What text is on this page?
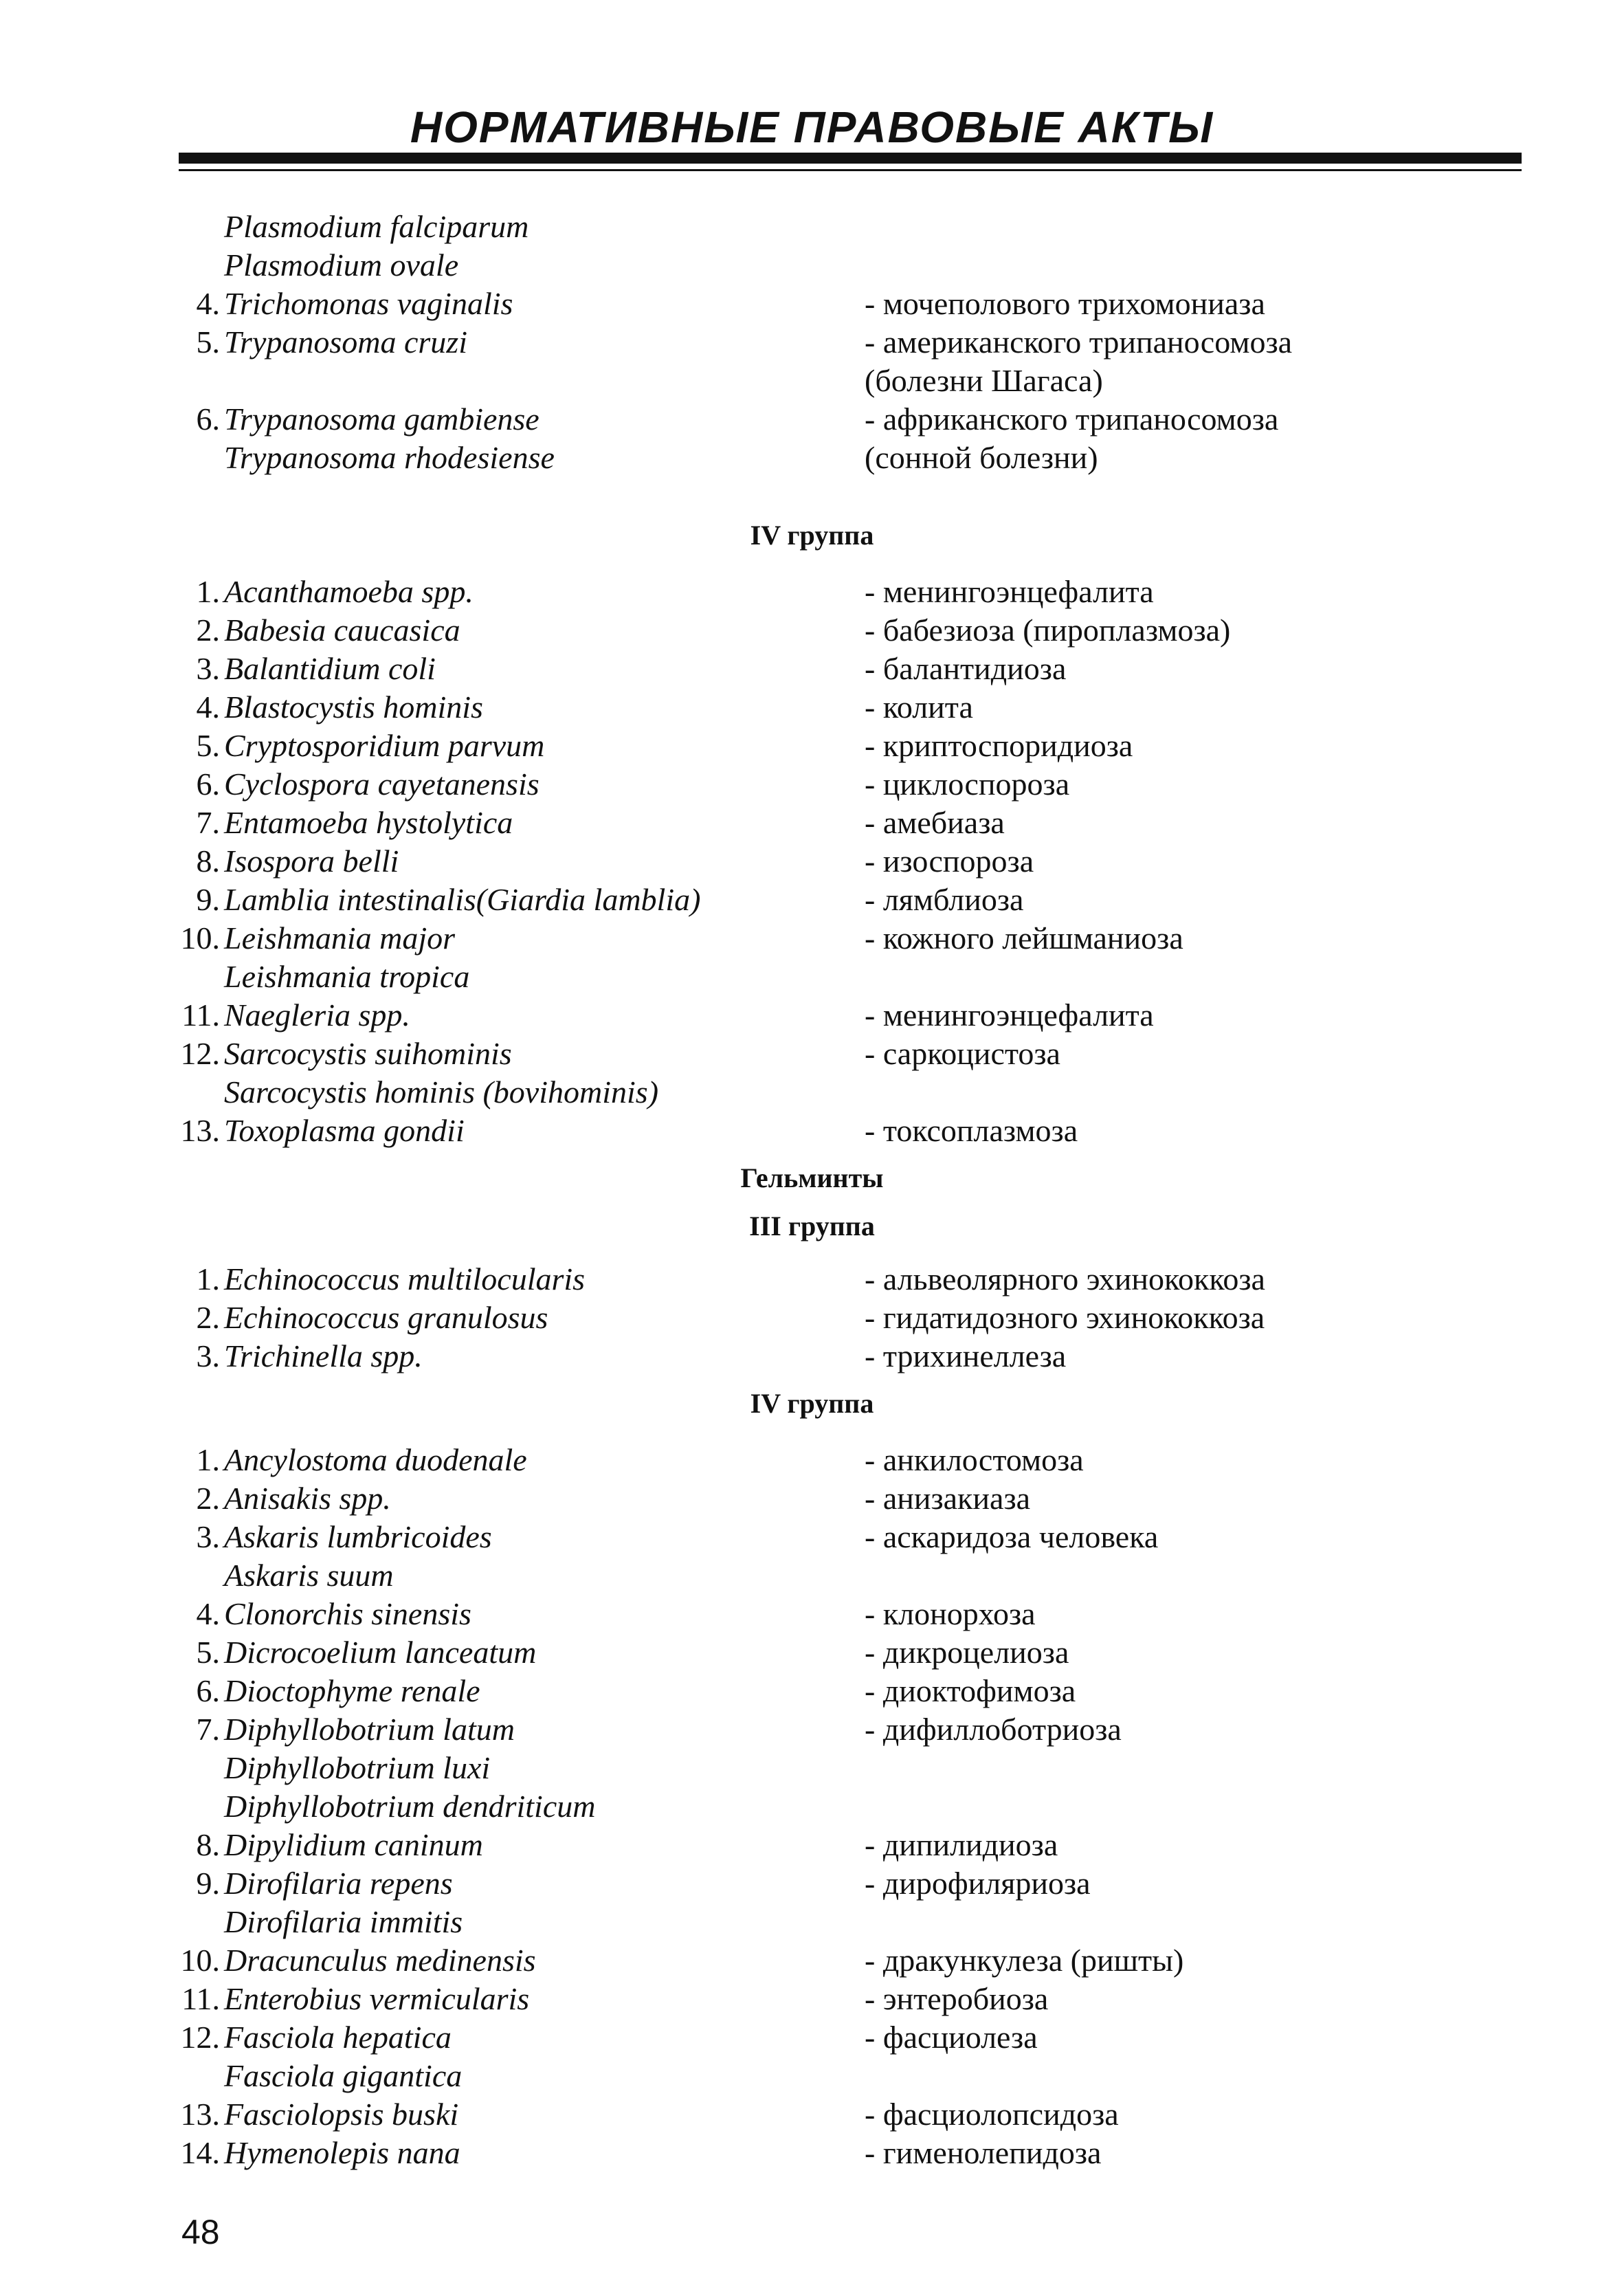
НОРМАТИВНЫЕ ПРАВОВЫЕ АКТЫ
Plasmodium falciparum
Plasmodium ovale
4. Trichomonas vaginalis	- мочеполового трихомониаза
5. Trypanosoma cruzi	- американского трипаносомоза
(болезни Шагаса)
6. Trypanosoma gambiense	- африканского трипаносомоза
Trypanosoma rhodesiense	(сонной болезни)
IV группа
1. Acanthamoeba spp.	- менингоэнцефалита
2. Babesia caucasica	- бабезиоза (пироплазмоза)
3. Balantidium coli	- балантидиоза
4. Blastocystis hominis	- колита
5. Cryptosporidium parvum	- криптоспоридиоза
6. Cyclospora cayetanensis	- циклоспороза
7. Entamoeba hystolytica	- амебиаза
8. Isospora belli	- изоспороза
9. Lamblia intestinalis(Giardia lamblia)	- лямблиоза
10. Leishmania major	- кожного лейшманиоза
Leishmania tropica
11. Naegleria spp.	- менингоэнцефалита
12. Sarcocystis suihominis	- саркоцистоза
Sarcocystis hominis (bovihominis)
13. Toxoplasma gondii	- токсоплазмоза
Гельминты
III группа
1. Echinococcus multilocularis	- альвеолярного эхинококкоза
2. Echinococcus granulosus	- гидатидозного эхинококкоза
3. Trichinella spp.	- трихинеллеза
IV группа
1. Ancylostoma duodenale	- анкилостомоза
2. Anisakis spp.	- анизакиаза
3. Askaris lumbricoides	- аскаридоза человека
Askaris suum
4. Clonorchis sinensis	- клонорхоза
5. Dicrocoelium lanceatum	- дикроцелиоза
6. Dioctophyme renale	- диоктофимоза
7. Diphyllobotrium latum	- дифиллоботриоза
Diphyllobotrium luxi
Diphyllobotrium dendriticum
8. Dipylidium caninum	- дипилидиоза
9. Dirofilaria repens	- дирофиляриоза
Dirofilaria immitis
10. Dracunculus medinensis	- дракункулеза (ришты)
11. Enterobius vermicularis	- энтеробиоза
12. Fasciola hepatica	- фасциолеза
Fasciola gigantica
13. Fasciolopsis buski	- фасциолопсидоза
14. Hymenolepis nana	- гименолепидоза
48
